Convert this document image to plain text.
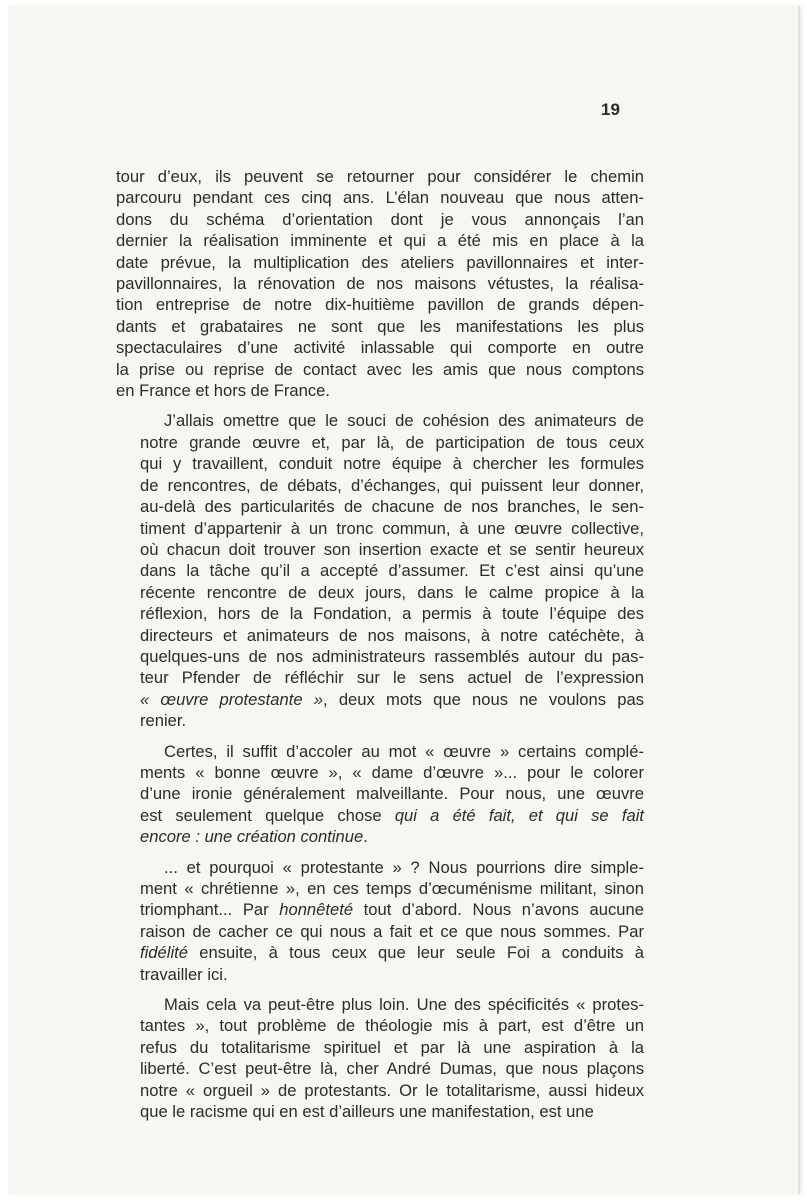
19
tour d’eux, ils peuvent se retourner pour considérer le chemin
parcouru pendant ces cinq ans. L’élan nouveau que nous atten-
dons du schéma d’orientation dont je vous annonçais l’an
dernier la réalisation imminente et qui a été mis en place à la
date prévue, la multiplication des ateliers pavillonnaires et inter-
pavillonnaires, la rénovation de nos maisons vétustes, la réalisa-
tion entreprise de notre dix-huitième pavillon de grands dépen-
dants et grabataires ne sont que les manifestations les plus
spectaculaires d’une activité inlassable qui comporte en outre
la prise ou reprise de contact avec les amis que nous comptons
en France et hors de France.
J’allais omettre que le souci de cohésion des animateurs de
notre grande œuvre et, par là, de participation de tous ceux
qui y travaillent, conduit notre équipe à chercher les formules
de rencontres, de débats, d’échanges, qui puissent leur donner,
au-delà des particularités de chacune de nos branches, le sen-
timent d’appartenir à un tronc commun, à une œuvre collective,
où chacun doit trouver son insertion exacte et se sentir heureux
dans la tâche qu’il a accepté d’assumer. Et c’est ainsi qu’une
récente rencontre de deux jours, dans le calme propice à la
réflexion, hors de la Fondation, a permis à toute l’équipe des
directeurs et animateurs de nos maisons, à notre catéchète, à
quelques-uns de nos administrateurs rassemblés autour du pas-
teur Pfender de réfléchir sur le sens actuel de l’expression
« œuvre protestante », deux mots que nous ne voulons pas
renier.
Certes, il suffit d’accoler au mot « œuvre » certains complé-
ments « bonne œuvre », « dame d’œuvre »... pour le colorer
d’une ironie généralement malveillante. Pour nous, une œuvre
est seulement quelque chose qui a été fait, et qui se fait
encore : une création continue.
... et pourquoi « protestante » ? Nous pourrions dire simple-
ment « chrétienne », en ces temps d’œcuménisme militant, sinon
triomphant... Par honnêteté tout d’abord. Nous n’avons aucune
raison de cacher ce qui nous a fait et ce que nous sommes. Par
fidélité ensuite, à tous ceux que leur seule Foi a conduits à
travailler ici.
Mais cela va peut-être plus loin. Une des spécificités « protes-
tantes », tout problème de théologie mis à part, est d’être un
refus du totalitarisme spirituel et par là une aspiration à la
liberté. C’est peut-être là, cher André Dumas, que nous plaçons
notre « orgueil » de protestants. Or le totalitarisme, aussi hideux
que le racisme qui en est d’ailleurs une manifestation, est une
